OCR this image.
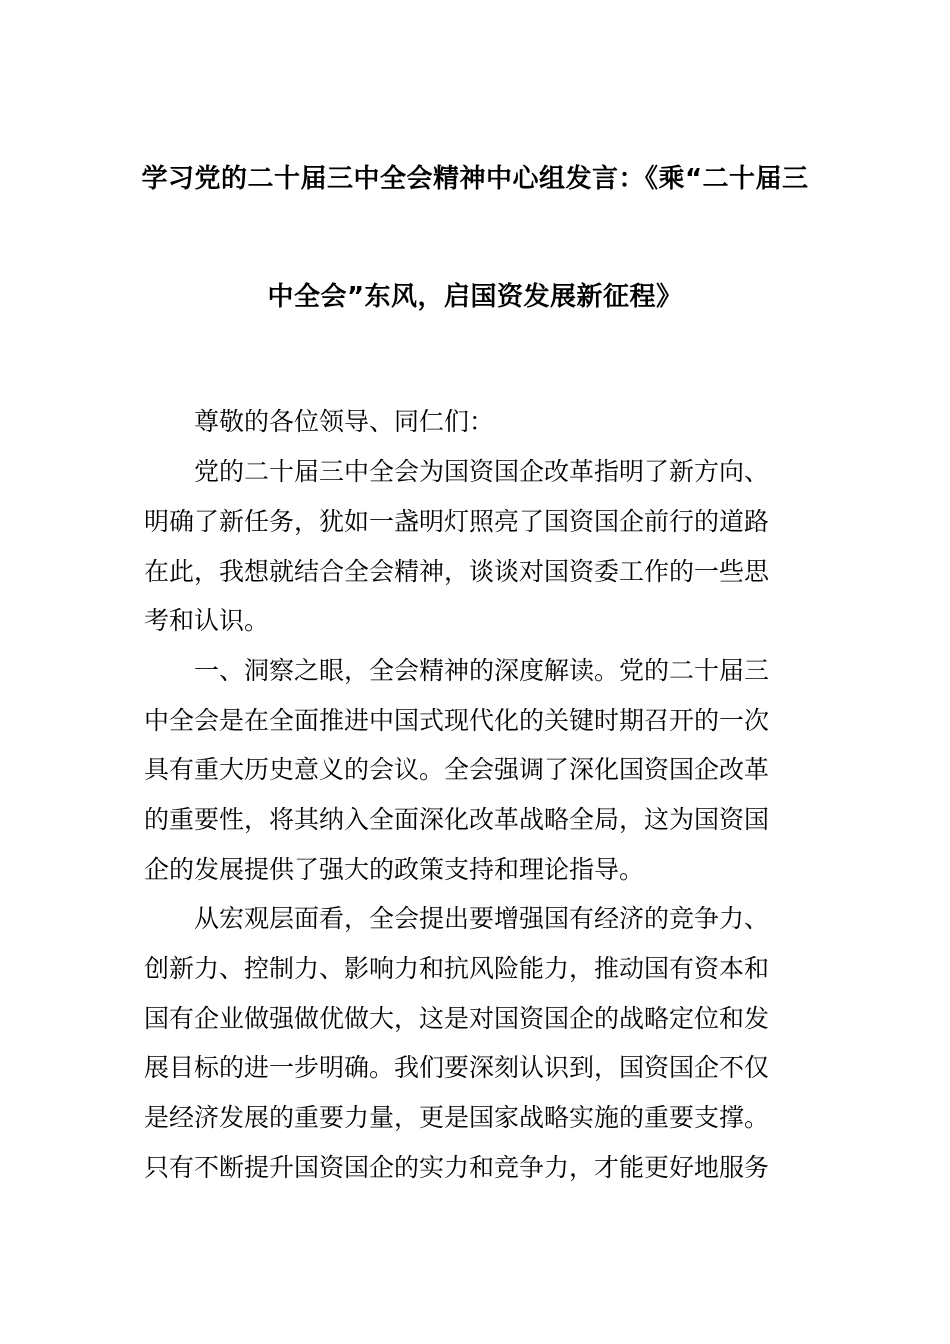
学习党的二十届三中全会精神中心组发言：《乘“二十届三
中全会”东风，启国资发展新征程》
尊敬的各位领导、同仁们：
党的二十届三中全会为国资国企改革指明了新方向、
明确了新任务，犹如一盏明灯照亮了国资国企前行的道路
在此，我想就结合全会精神，谈谈对国资委工作的一些思
考和认识。
一、洞察之眼，全会精神的深度解读。党的二十届三
中全会是在全面推进中国式现代化的关键时期召开的一次
具有重大历史意义的会议。全会强调了深化国资国企改革
的重要性，将其纳入全面深化改革战略全局，这为国资国
企的发展提供了强大的政策支持和理论指导。
从宏观层面看，全会提出要增强国有经济的竞争力、
创新力、控制力、影响力和抗风险能力，推动国有资本和
国有企业做强做优做大，这是对国资国企的战略定位和发
展目标的进一步明确。我们要深刻认识到，国资国企不仅
是经济发展的重要力量，更是国家战略实施的重要支撑。
只有不断提升国资国企的实力和竞争力，才能更好地服务
